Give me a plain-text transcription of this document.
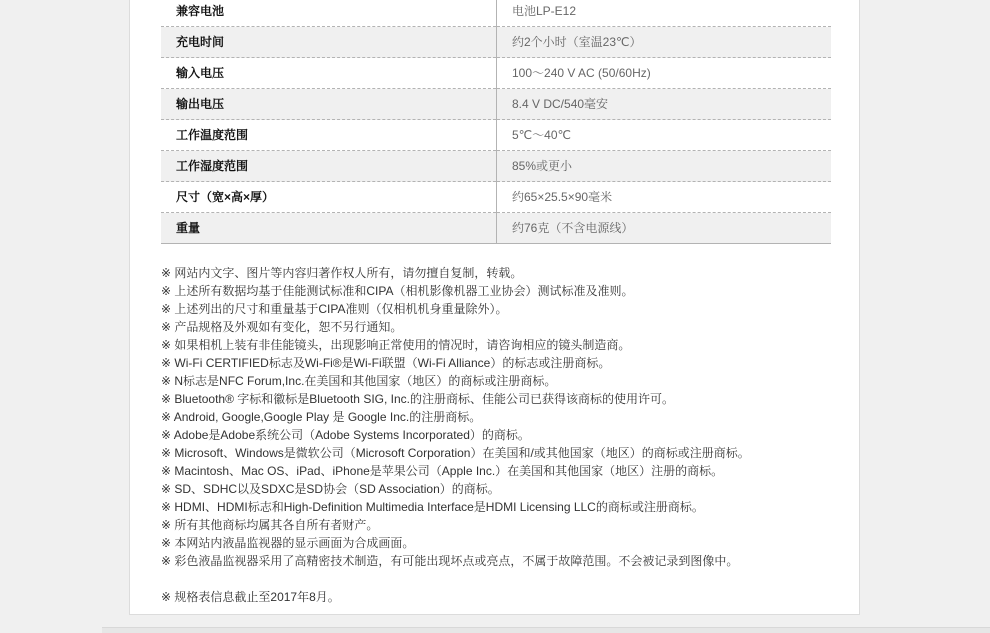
兼容电池	电池LP-E12
充电时间	约2个小时（室温23℃）
输入电压	100～240 V AC (50/60Hz)
输出电压	8.4 V DC/540毫安
工作温度范围	5℃～40℃
工作湿度范围	85%或更小
尺寸（宽×高×厚）	约65×25.5×90毫米
重量	约76克（不含电源线）
※ 网站内文字、图片等内容归著作权人所有，请勿擅自复制，转载。
※ 上述所有数据均基于佳能测试标准和CIPA（相机影像机器工业协会）测试标准及准则。
※ 上述列出的尺寸和重量基于CIPA准则（仅相机机身重量除外）。
※ 产品规格及外观如有变化，恕不另行通知。
※ 如果相机上装有非佳能镜头，出现影响正常使用的情况时，请咨询相应的镜头制造商。
※ Wi-Fi CERTIFIED标志及Wi-Fi®是Wi-Fi联盟（Wi-Fi Alliance）的标志或注册商标。
※ N标志是NFC Forum,Inc.在美国和其他国家（地区）的商标或注册商标。
※ Bluetooth® 字标和徽标是Bluetooth SIG, Inc.的注册商标、佳能公司已获得该商标的使用许可。
※ Android, Google,Google Play 是 Google Inc.的注册商标。
※ Adobe是Adobe系统公司（Adobe Systems Incorporated）的商标。
※ Microsoft、Windows是微软公司（Microsoft Corporation）在美国和/或其他国家（地区）的商标或注册商标。
※ Macintosh、Mac OS、iPad、iPhone是苹果公司（Apple Inc.）在美国和其他国家（地区）注册的商标。
※ SD、SDHC以及SDXC是SD协会（SD Association）的商标。
※ HDMI、HDMI标志和High-Definition Multimedia Interface是HDMI Licensing LLC的商标或注册商标。
※ 所有其他商标均属其各自所有者财产。
※ 本网站内液晶监视器的显示画面为合成画面。
※ 彩色液晶监视器采用了高精密技术制造，有可能出现坏点或亮点，不属于故障范围。不会被记录到图像中。
※ 规格表信息截止至2017年8月。
